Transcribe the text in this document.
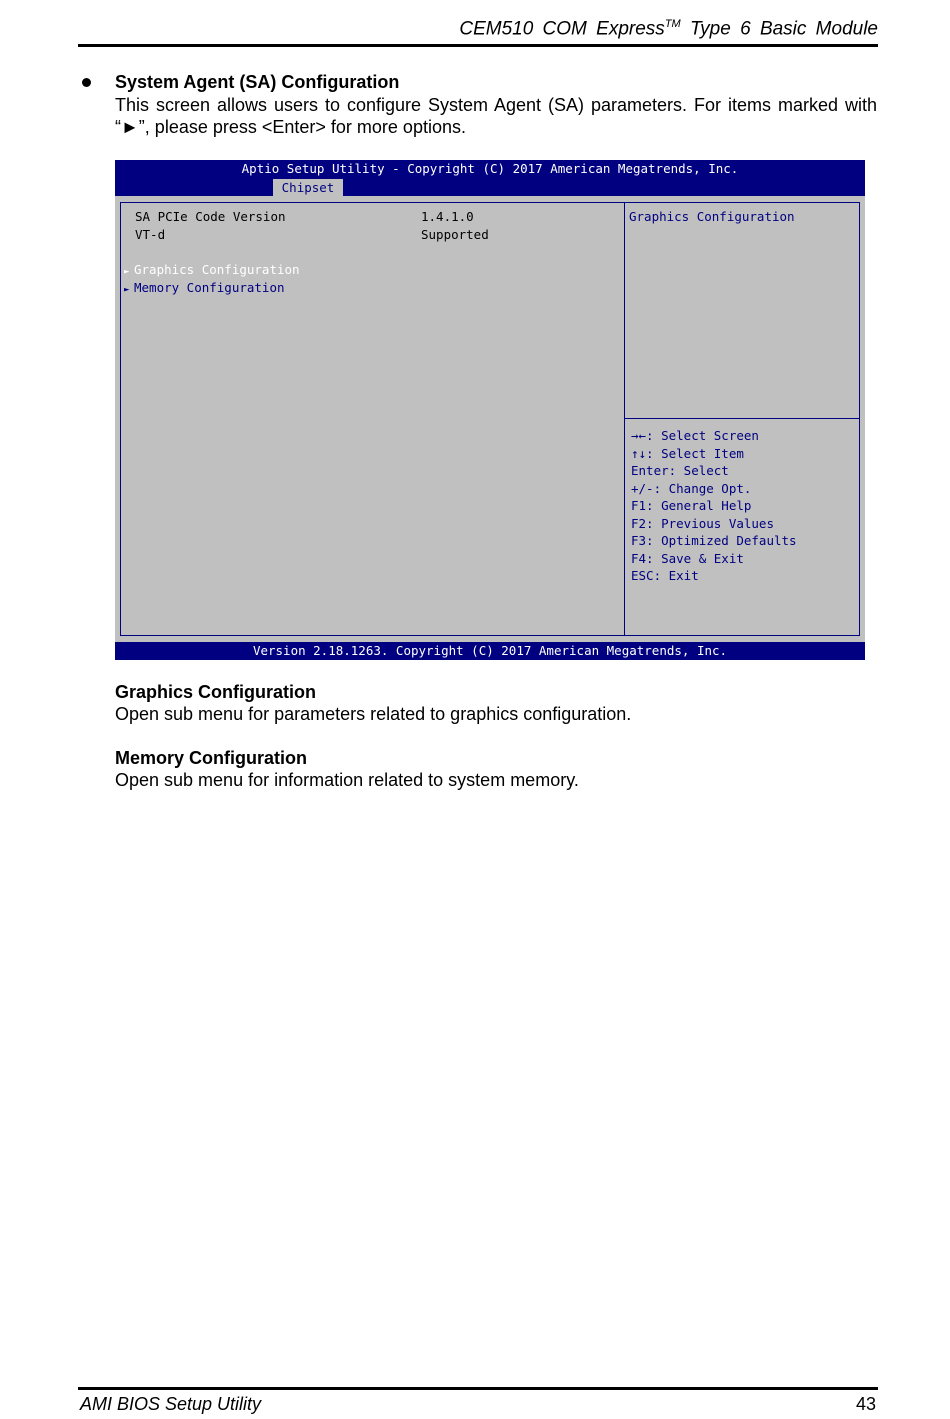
CEM510 COM Express™ Type 6 Basic Module
System Agent (SA) Configuration
This screen allows users to configure System Agent (SA) parameters. For items marked with “►”, please press <Enter> for more options.
Aptio Setup Utility - Copyright (C) 2017 American Megatrends, Inc.
Chipset
SA PCIe Code Version	1.4.1.0
VT-d	Supported
► Graphics Configuration
► Memory Configuration
Graphics Configuration
→←: Select Screen
↑↓: Select Item
Enter: Select
+/-: Change Opt.
F1: General Help
F2: Previous Values
F3: Optimized Defaults
F4: Save & Exit
ESC: Exit
Version 2.18.1263. Copyright (C) 2017 American Megatrends, Inc.
Graphics Configuration
Open sub menu for parameters related to graphics configuration.
Memory Configuration
Open sub menu for information related to system memory.
AMI BIOS Setup Utility	43
